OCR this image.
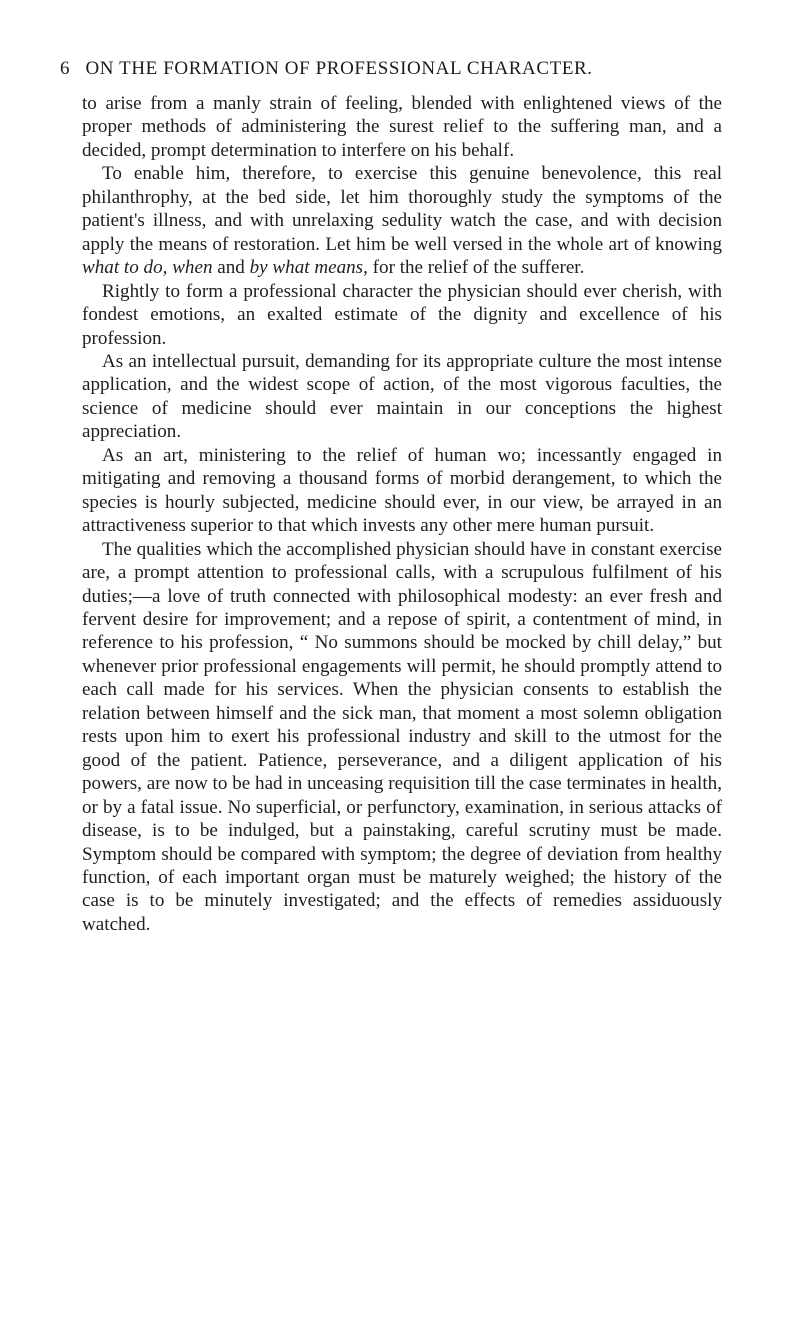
6 ON THE FORMATION OF PROFESSIONAL CHARACTER.

to arise from a manly strain of feeling, blended with enlightened views of the proper methods of administering the surest relief to the suffering man, and a decided, prompt determination to interfere on his behalf.

To enable him, therefore, to exercise this genuine benevolence, this real philanthrophy, at the bed side, let him thoroughly study the symptoms of the patient's illness, and with unrelaxing sedulity watch the case, and with decision apply the means of restoration. Let him be well versed in the whole art of knowing what to do, when and by what means, for the relief of the sufferer.

Rightly to form a professional character the physician should ever cherish, with fondest emotions, an exalted estimate of the dignity and excellence of his profession.

As an intellectual pursuit, demanding for its appropriate culture the most intense application, and the widest scope of action, of the most vigorous faculties, the science of medicine should ever maintain in our conceptions the highest appreciation.

As an art, ministering to the relief of human wo; incessantly engaged in mitigating and removing a thousand forms of morbid derangement, to which the species is hourly subjected, medicine should ever, in our view, be arrayed in an attractiveness superior to that which invests any other mere human pursuit.

The qualities which the accomplished physician should have in constant exercise are, a prompt attention to professional calls, with a scrupulous fulfilment of his duties;—a love of truth connected with philosophical modesty: an ever fresh and fervent desire for improvement; and a repose of spirit, a contentment of mind, in reference to his profession, “ No summons should be mocked by chill delay,” but whenever prior professional engagements will permit, he should promptly attend to each call made for his services. When the physician consents to establish the relation between himself and the sick man, that moment a most solemn obligation rests upon him to exert his professional industry and skill to the utmost for the good of the patient. Patience, perseverance, and a diligent application of his powers, are now to be had in unceasing requisition till the case terminates in health, or by a fatal issue. No superficial, or perfunctory, examination, in serious attacks of disease, is to be indulged, but a painstaking, careful scrutiny must be made. Symptom should be compared with symptom; the degree of deviation from healthy function, of each important organ must be maturely weighed; the history of the case is to be minutely investigated; and the effects of remedies assiduously watched.
